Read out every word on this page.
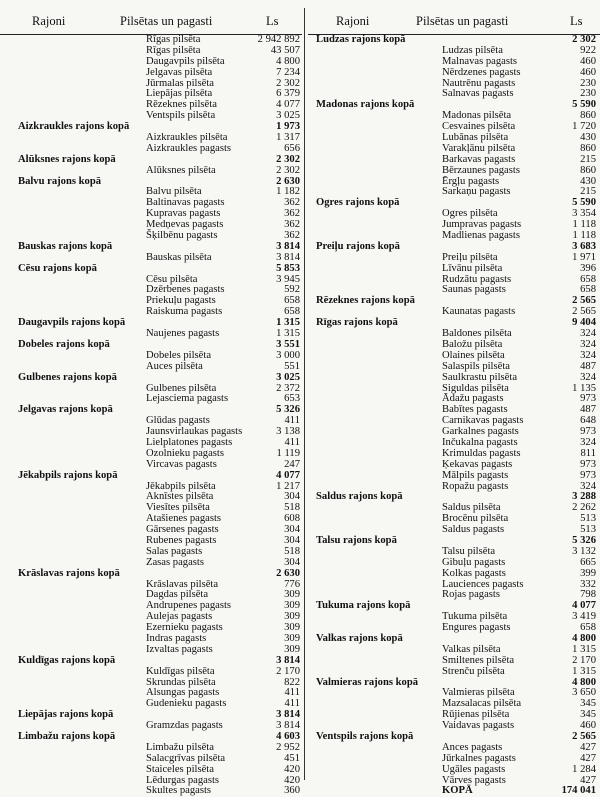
Rajoni	Pilsētas un pagasti	Ls
Rīgas pilsēta	2 942 892
Rīgas pilsēta	43 507
Daugavpils pilsēta	4 800
Jelgavas pilsēta	7 234
Jūrmalas pilsēta	2 302
Liepājas pilsēta	6 379
Rēzeknes pilsēta	4 077
Ventspils pilsēta	3 025
Aizkraukles rajons kopā	1 973
Aizkraukles pilsēta	1 317
Aizkraukles pagasts	656
Alūksnes rajons kopā	2 302
Alūksnes pilsēta	2 302
Balvu rajons kopā	2 630
Balvu pilsēta	1 182
Baltinavas pagasts	362
Kupravas pagasts	362
Medņevas pagasts	362
Šķilbēnu pagasts	362
Bauskas rajons kopā	3 814
Bauskas pilsēta	3 814
Cēsu rajons kopā	5 853
Cēsu pilsēta	3 945
Dzērbenes pagasts	592
Priekuļu pagasts	658
Raiskuma pagasts	658
Daugavpils rajons kopā	1 315
Naujenes pagasts	1 315
Dobeles rajons kopā	3 551
Dobeles pilsēta	3 000
Auces pilsēta	551
Gulbenes rajons kopā	3 025
Gulbenes pilsēta	2 372
Lejasciema pagasts	653
Jelgavas rajons kopā	5 326
Glūdas pagasts	411
Jaunsvirlaukas pagasts	3 138
Lielplatones pagasts	411
Ozolnieku pagasts	1 119
Vircavas pagasts	247
Jēkabpils rajons kopā	4 077
Jēkabpils pilsēta	1 217
Aknīstes pilsēta	304
Viesītes pilsēta	518
Atašienes pagasts	608
Gārsenes pagasts	304
Rubenes pagasts	304
Salas pagasts	518
Zasas pagasts	304
Krāslavas rajons kopā	2 630
Krāslavas pilsēta	776
Dagdas pilsēta	309
Andrupenes pagasts	309
Aulejas pagasts	309
Ezernieku pagasts	309
Indras pagasts	309
Izvaltas pagasts	309
Kuldīgas rajons kopā	3 814
Kuldīgas pilsēta	2 170
Skrundas pilsēta	822
Alsungas pagasts	411
Gudenieku pagasts	411
Liepājas rajons kopā	3 814
Gramzdas pagasts	3 814
Limbažu rajons kopā	4 603
Limbažu pilsēta	2 952
Salacgrīvas pilsēta	451
Staiceles pilsēta	420
Lēdurgas pagasts	420
Skultes pagasts	360
Rajoni	Pilsētas un pagasti	Ls
Ludzas rajons kopā	2 302
Ludzas pilsēta	922
Malnavas pagasts	460
Nērdzenes pagasts	460
Nautrēnu pagasts	230
Salnavas pagasts	230
Madonas rajons kopā	5 590
Madonas pilsēta	860
Cesvaines pilsēta	1 720
Lubānas pilsēta	430
Varakļānu pilsēta	860
Barkavas pagasts	215
Bērzaunes pagasts	860
Ērgļu pagasts	430
Sarkaņu pagasts	215
Ogres rajons kopā	5 590
Ogres pilsēta	3 354
Jumpravas pagasts	1 118
Madlienas pagasts	1 118
Preiļu rajons kopā	3 683
Preiļu pilsēta	1 971
Līvānu pilsēta	396
Rudzātu pagasts	658
Saunas pagasts	658
Rēzeknes rajons kopā	2 565
Kaunatas pagasts	2 565
Rīgas rajons kopā	9 404
Baldones pilsēta	324
Baložu pilsēta	324
Olaines pilsēta	324
Salaspils pilsēta	487
Saulkrastu pilsēta	324
Siguldas pilsēta	1 135
Ādažu pagasts	973
Babītes pagasts	487
Carnikavas pagasts	648
Garkalnes pagasts	973
Inčukalna pagasts	324
Krimuldas pagasts	811
Ķekavas pagasts	973
Mālpils pagasts	973
Ropažu pagasts	324
Saldus rajons kopā	3 288
Saldus pilsēta	2 262
Brocēnu pilsēta	513
Saldus pagasts	513
Talsu rajons kopā	5 326
Talsu pilsēta	3 132
Gibuļu pagasts	665
Kolkas pagasts	399
Lauciences pagasts	332
Rojas pagasts	798
Tukuma rajons kopā	4 077
Tukuma pilsēta	3 419
Engures pagasts	658
Valkas rajons kopā	4 800
Valkas pilsēta	1 315
Smiltenes pilsēta	2 170
Strenču pilsēta	1 315
Valmieras rajons kopā	4 800
Valmieras pilsēta	3 650
Mazsalacas pilsēta	345
Rūjienas pilsēta	345
Vaidavas pagasts	460
Ventspils rajons kopā	2 565
Ances pagasts	427
Jūrkalnes pagasts	427
Ugāles pagasts	1 284
Vārves pagasts	427
KOPĀ	174 041
